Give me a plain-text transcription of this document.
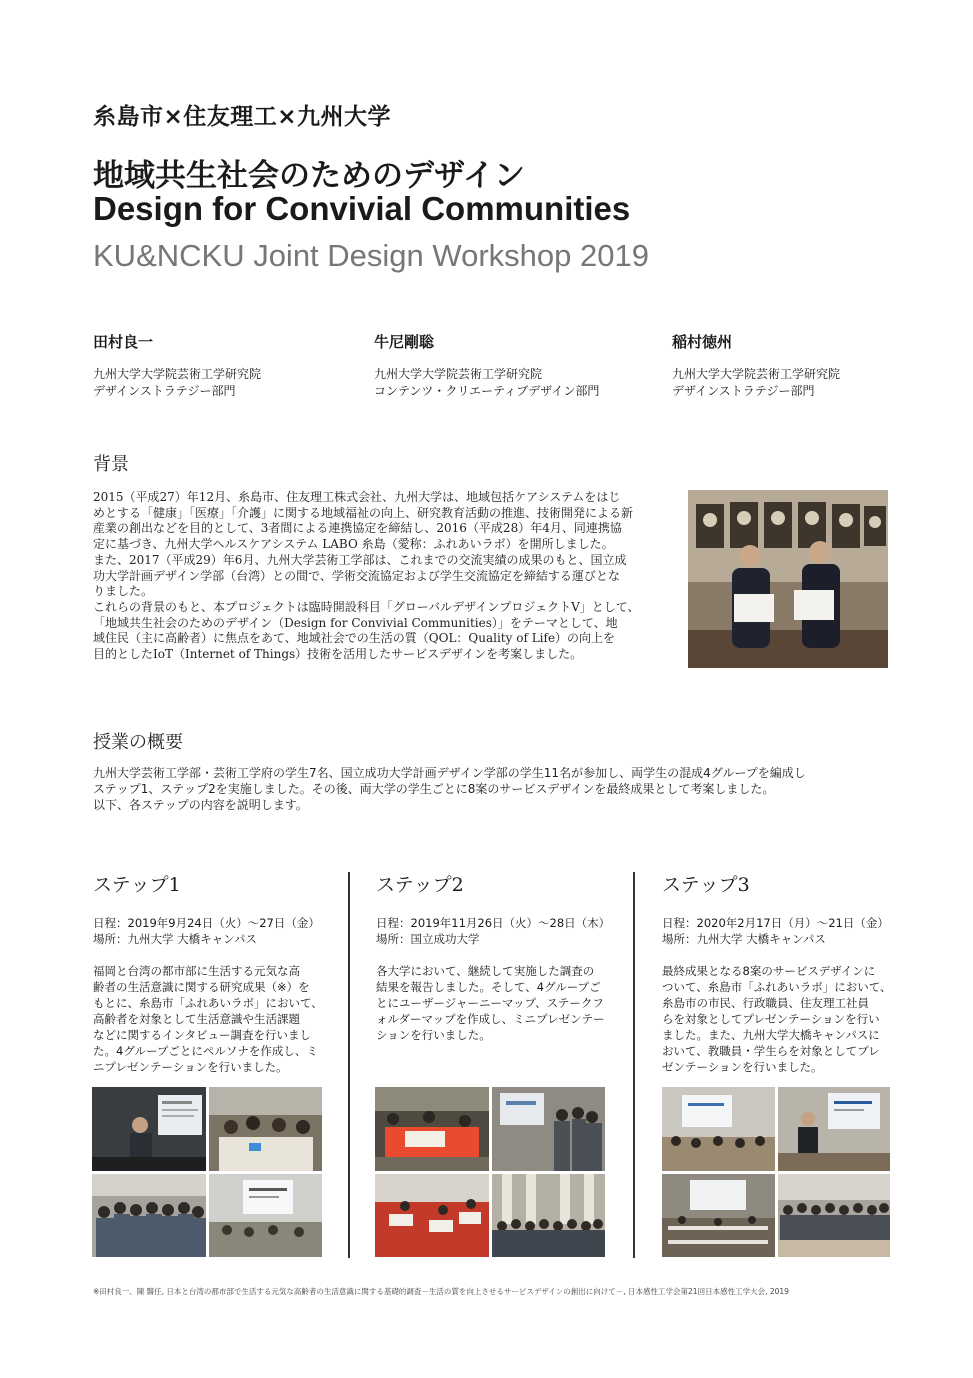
糸島市×住友理工×九州大学
地域共生社会のためのデザイン
Design for Convivial Communities
KU&NCKU Joint Design Workshop 2019
田村良一
九州大学大学院芸術工学研究院
デザインストラテジー部門
牛尼剛聡
九州大学大学院芸術工学研究院
コンテンツ・クリエーティブデザイン部門
稲村徳州
九州大学大学院芸術工学研究院
デザインストラテジー部門
背景
2015（平成27）年12月、糸島市、住友理工株式会社、九州大学は、地域包括ケアシステムをはじ
めとする「健康」「医療」「介護」に関する地域福祉の向上、研究教育活動の推進、技術開発による新
産業の創出などを目的として、3者間による連携協定を締結し、2016（平成28）年4月、同連携協
定に基づき、九州大学ヘルスケアシステム LABO 糸島（愛称：ふれあいラボ）を開所しました。
また、2017（平成29）年6月、九州大学芸術工学部は、これまでの交流実績の成果のもと、国立成
功大学計画デザイン学部（台湾）との間で、学術交流協定および学生交流協定を締結する運びとな
りました。
これらの背景のもと、本プロジェクトは臨時開設科目「グローバルデザインプロジェクトⅤ」として、
「地域共生社会のためのデザイン（Design for Convivial Communities）」をテーマとして、地
域住民（主に高齢者）に焦点をあて、地域社会での生活の質（QOL：Quality of Life）の向上を
目的としたIoT（Internet of Things）技術を活用したサービスデザインを考案しました。
授業の概要
九州大学芸術工学部・芸術工学府の学生7名、国立成功大学計画デザイン学部の学生11名が参加し、両学生の混成4グループを編成し
ステップ1、ステップ2を実施しました。その後、両大学の学生ごとに8案のサービスデザインを最終成果として考案しました。
以下、各ステップの内容を説明します。
ステップ1
日程：2019年9月24日（火）～27日（金）
場所：九州大学 大橋キャンパス
福岡と台湾の都市部に生活する元気な高
齢者の生活意識に関する研究成果（※）を
もとに、糸島市「ふれあいラボ」において、
高齢者を対象として生活意識や生活課題
などに関するインタビュー調査を行いまし
た。4グループごとにペルソナを作成し、ミ
ニプレゼンテーションを行いました。
ステップ2
日程：2019年11月26日（火）～28日（木）
場所：国立成功大学
各大学において、継続して実施した調査の
結果を報告しました。そして、4グループご
とにユーザージャーニーマップ、ステークフ
ォルダーマップを作成し、ミニプレゼンテー
ションを行いました。
ステップ3
日程：2020年2月17日（月）～21日（金）
場所：九州大学 大橋キャンパス
最終成果となる8案のサービスデザインに
ついて、糸島市「ふれあいラボ」において、
糸島市の市民、行政職員、住友理工社員
らを対象としてプレゼンテーションを行い
ました。また、九州大学大橋キャンパスに
おいて、教職員・学生らを対象としてプレ
ゼンテーションを行いました。
※田村良一、陳 醫任, 日本と台湾の都市部で生活する元気な高齢者の生活意識に関する基礎的調査－生活の質を向上させるサービスデザインの創出に向けて－, 日本感性工学会第21回日本感性工学大会, 2019
